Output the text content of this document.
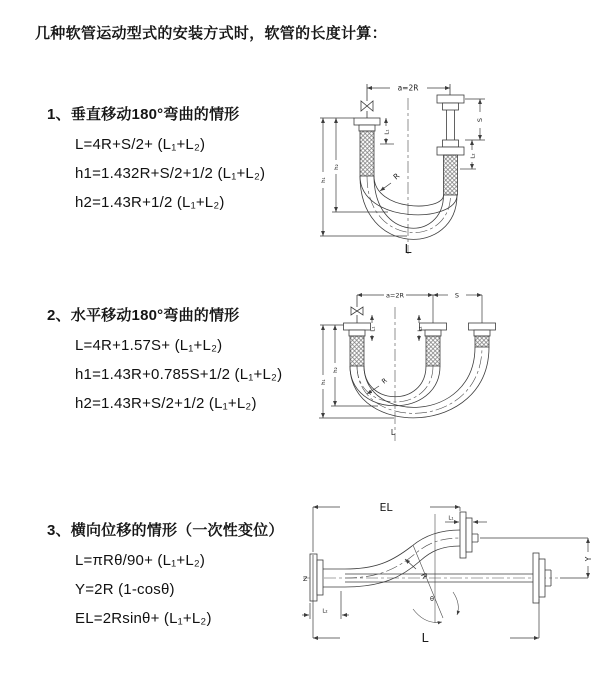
几种软管运动型式的安装方式时，软管的长度计算：
1、垂直移动180°弯曲的情形
L=4R+S/2+ (L₁+L₂)
h1=1.432R+S/2+1/2 (L₁+L₂)
h2=1.43R+1/2 (L₁+L₂)
2、水平移动180°弯曲的情形
L=4R+1.57S+ (L₁+L₂)
h1=1.43R+0.785S+1/2 (L₁+L₂)
h2=1.43R+S/2+1/2 (L₁+L₂)
3、横向位移的情形（一次性变位）
L=πRθ/90+ (L₁+L₂)
Y=2R (1-cosθ)
EL=2Rsinθ+ (L₁+L₂)
a=2R
S
L₂
L₁
h₁
h₂
R
L
a=2R	S
L₁	L₂
h₁
h₂
R
L
Z
θ
R
EL
L₁
Y
L₂
L
